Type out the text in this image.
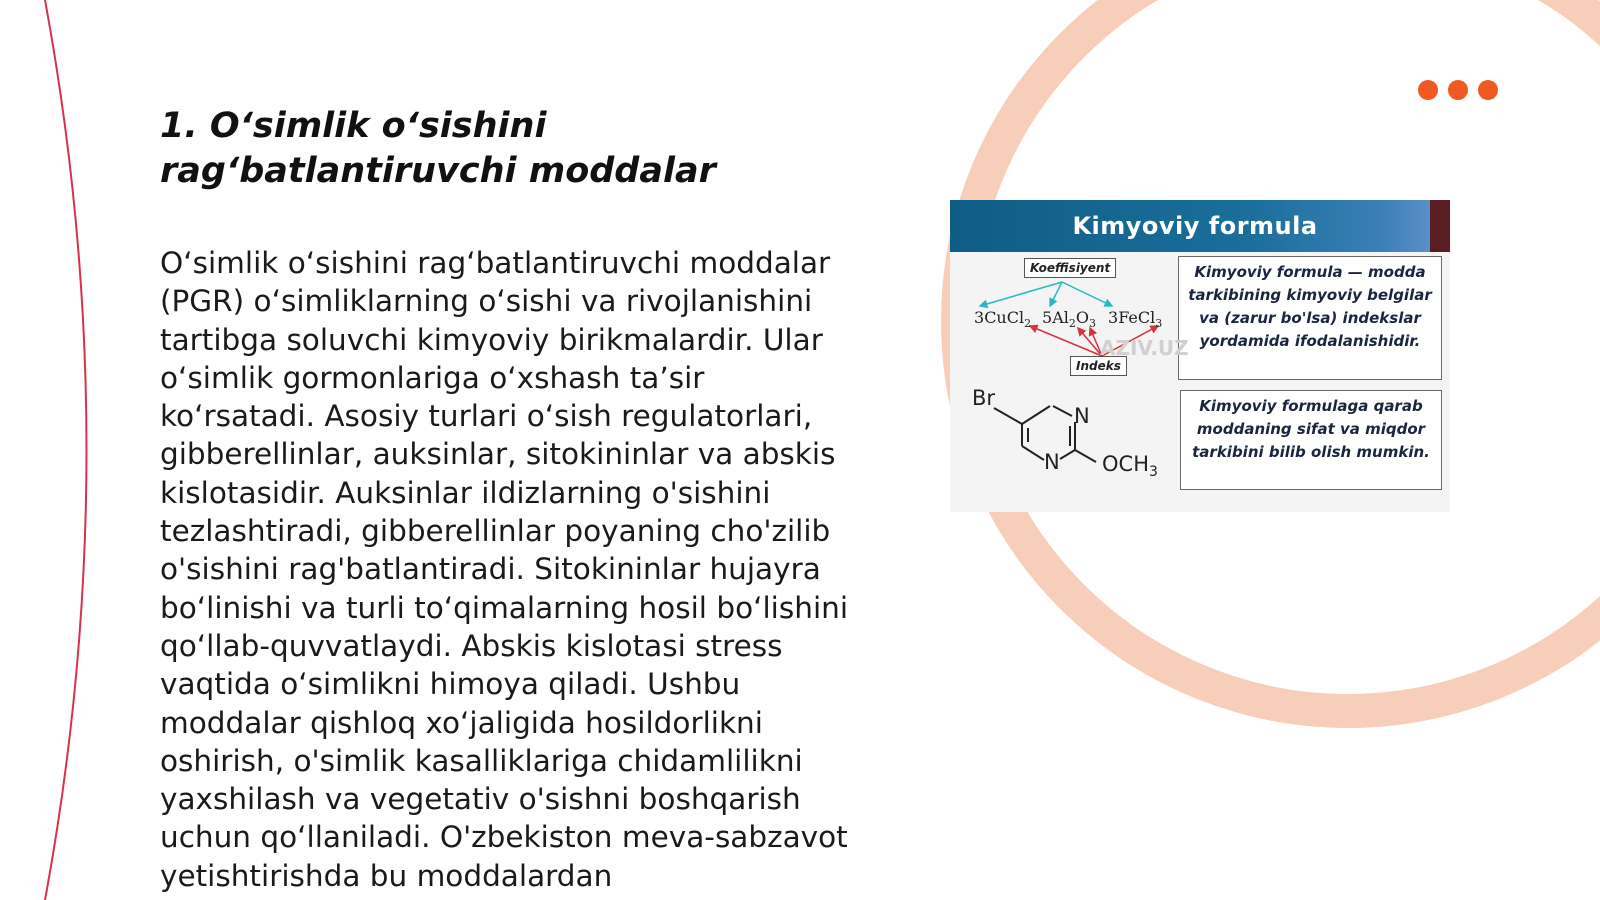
1. O‘simlik o‘sishini rag‘batlantiruvchi moddalar

O‘simlik o‘sishini rag‘batlantiruvchi moddalar (PGR) o‘simliklarning o‘sishi va rivojlanishini tartibga soluvchi kimyoviy birikmalardir. Ular o‘simlik gormonlariga o‘xshash ta’sir ko‘rsatadi. Asosiy turlari o‘sish regulatorlari, gibberellinlar, auksinlar, sitokininlar va abskis kislotasidir. Auksinlar ildizlarning o'sishini tezlashtiradi, gibberellinlar poyaning cho'zilib o'sishini rag'batlantiradi. Sitokininlar hujayra bo‘linishi va turli to‘qimalarning hosil bo‘lishini qo‘llab-quvvatlaydi. Abskis kislotasi stress vaqtida o‘simlikni himoya qiladi. Ushbu moddalar qishloq xo‘jaligida hosildorlikni oshirish, o'simlik kasalliklariga chidamlilikni yaxshilash va vegetativ o'sishni boshqarish uchun qo‘llaniladi. O'zbekiston meva-sabzavot yetishtirishda bu moddalardan

Kimyoviy formula
Koeffisiyent
Indeks
3CuCl$_2$ $5Al_2O_3$ 3FeCl$_3$
Kimyoviy formula — modda tarkibining kimyoviy belgilar va (zarur bo'lsa) indekslar yordamida ifodalanishidir.
Kimyoviy formulaga qarab moddaning sifat va miqdor tarkibini bilib olish mumkin.
Br
N
N $OCH_3$
AZIV.UZ
